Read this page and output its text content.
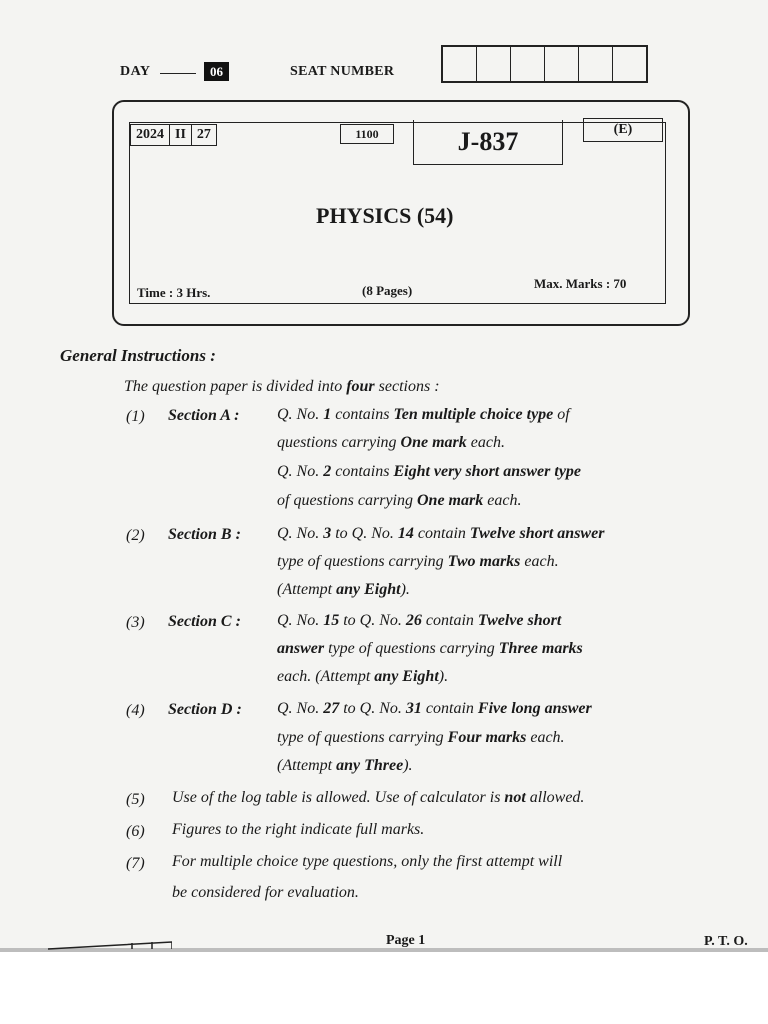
DAY	06	SEAT NUMBER
2024 II 27	1100	J-837	(E)
PHYSICS (54)
Time : 3 Hrs.	(8 Pages)	Max. Marks : 70
General Instructions :
The question paper is divided into four sections :
(1) Section A : Q. No. 1 contains Ten multiple choice type of
questions carrying One mark each.
Q. No. 2 contains Eight very short answer type
of questions carrying One mark each.
(2) Section B : Q. No. 3 to Q. No. 14 contain Twelve short answer
type of questions carrying Two marks each.
(Attempt any Eight).
(3) Section C : Q. No. 15 to Q. No. 26 contain Twelve short
answer type of questions carrying Three marks
each. (Attempt any Eight).
(4) Section D : Q. No. 27 to Q. No. 31 contain Five long answer
type of questions carrying Four marks each.
(Attempt any Three).
(5) Use of the log table is allowed. Use of calculator is not allowed.
(6) Figures to the right indicate full marks.
(7) For multiple choice type questions, only the first attempt will
be considered for evaluation.
Page 1	P. T. O.
